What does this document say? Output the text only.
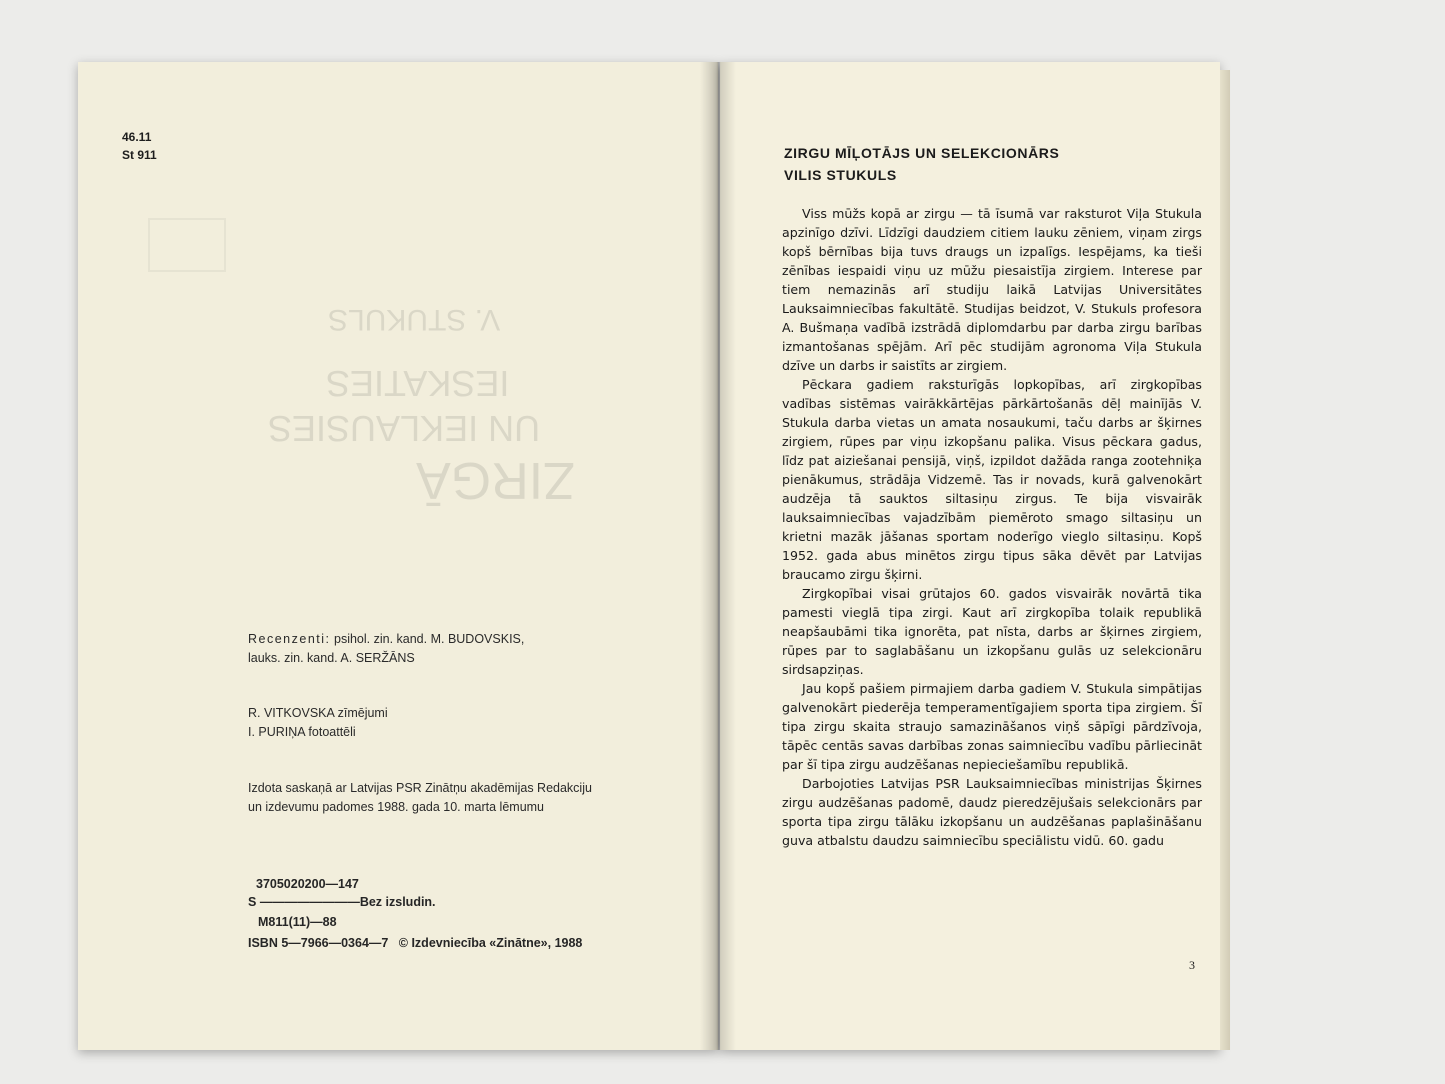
46.11
St 911
V. STUKULS
IESKATIES
UN IEKLAUSIES
ZIRGĀ
Recenzenti: psihol. zin. kand. M. BUDOVSKIS,
lauks. zin. kand. A. SERŽĀNS
R. VITKOVSKA zīmējumi
I. PURIŅA fotoattēli
Izdota saskaņā ar Latvijas PSR Zinātņu akadēmijas Redakciju
un izdevumu padomes 1988. gada 10. marta lēmumu
3705020200—147
S ————————Bez izsludin.
M811(11)—88
ISBN 5—7966—0364—7 © Izdevniecība «Zinātne», 1988
ZIRGU MĪĻOTĀJS UN SELEKCIONĀRS
VILIS STUKULS

Viss mūžs kopā ar zirgu — tā īsumā var raksturot Viļa Stukula apzinīgo dzīvi. Līdzīgi daudziem citiem lauku zēniem, viņam zirgs kopš bērnības bija tuvs draugs un izpalīgs. Iespējams, ka tieši zēnības iespaidi viņu uz mūžu piesaistīja zirgiem. Interese par tiem nemazinās arī studiju laikā Latvijas Universitātes Lauksaimniecības fakultātē. Studijas beidzot, V. Stukuls profesora A. Bušmaņa vadībā izstrādā diplomdarbu par darba zirgu barības izmantošanas spējām. Arī pēc studijām agronoma Viļa Stukula dzīve un darbs ir saistīts ar zirgiem.

Pēckara gadiem raksturīgās lopkopības, arī zirgkopības vadības sistēmas vairākkārtējas pārkārtošanās dēļ mainījās V. Stukula darba vietas un amata nosaukumi, taču darbs ar šķirnes zirgiem, rūpes par viņu izkopšanu palika. Visus pēckara gadus, līdz pat aiziešanai pensijā, viņš, izpildot dažāda ranga zootehniķa pienākumus, strādāja Vidzemē. Tas ir novads, kurā galvenokārt audzēja tā sauktos siltasiņu zirgus. Te bija visvairāk lauksaimniecības vajadzībām piemēroto smago siltasiņu un krietni mazāk jāšanas sportam noderīgo vieglo siltasiņu. Kopš 1952. gada abus minētos zirgu tipus sāka dēvēt par Latvijas braucamo zirgu šķirni.

Zirgkopībai visai grūtajos 60. gados visvairāk novārtā tika pamesti vieglā tipa zirgi. Kaut arī zirgkopība tolaik republikā neapšaubāmi tika ignorēta, pat nīsta, darbs ar šķirnes zirgiem, rūpes par to saglabāšanu un izkopšanu gulās uz selekcionāru sirdsapziņas.

Jau kopš pašiem pirmajiem darba gadiem V. Stukula simpātijas galvenokārt piederēja temperamentīgajiem sporta tipa zirgiem. Šī tipa zirgu skaita straujo samazināšanos viņš sāpīgi pārdzīvoja, tāpēc centās savas darbības zonas saimniecību vadību pārliecināt par šī tipa zirgu audzēšanas nepieciešamību republikā.

Darbojoties Latvijas PSR Lauksaimniecības ministrijas Šķirnes zirgu audzēšanas padomē, daudz pieredzējušais selekcionārs par sporta tipa zirgu tālāku izkopšanu un audzēšanas paplašināšanu guva atbalstu daudzu saimniecību speciālistu vidū. 60. gadu

3
